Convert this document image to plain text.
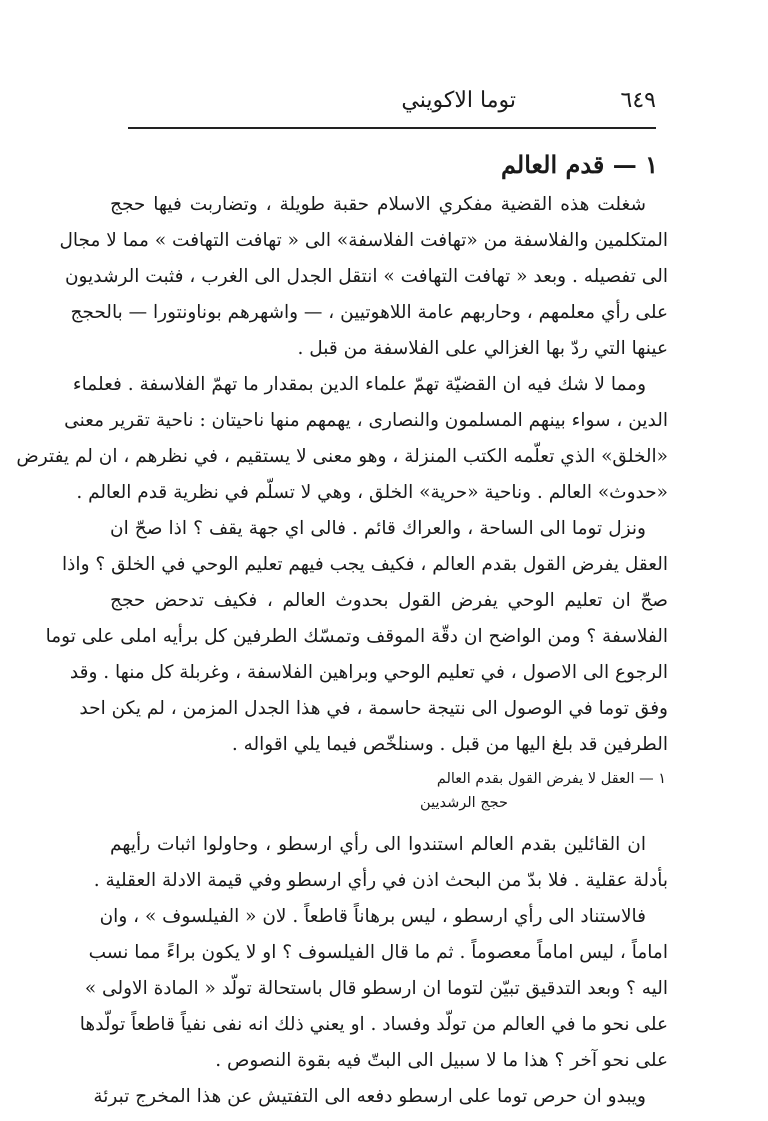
توما الاكويني	٦٤٩
١ — قدم العالم
شغلت هذه القضية مفكري الاسلام حقبة طويلة ، وتضاربت فيها حجج
المتكلمين والفلاسفة من «تهافت الفلاسفة» الى « تهافت التهافت » مما لا مجال
الى تفصيله . وبعد « تهافت التهافت » انتقل الجدل الى الغرب ، فثبت الرشديون
على رأي معلمهم ، وحاربهم عامة اللاهوتيين ، — واشهرهم بوناونتورا — بالحجج
عينها التي ردّ بها الغزالي على الفلاسفة من قبل .
ومما لا شك فيه ان القضيّة تهمّ علماء الدين بمقدار ما تهمّ الفلاسفة . فعلماء
الدين ، سواء بينهم المسلمون والنصارى ، يهمهم منها ناحيتان : ناحية تقرير معنى
«الخلق» الذي تعلّمه الكتب المنزلة ، وهو معنى لا يستقيم ، في نظرهم ، ان لم يفترض
«حدوث» العالم . وناحية «حرية» الخلق ، وهي لا تسلّم في نظرية قدم العالم .
ونزل توما الى الساحة ، والعراك قائم . فالى اي جهة يقف ؟ اذا صحّ ان
العقل يفرض القول بقدم العالم ، فكيف يجب فيهم تعليم الوحي في الخلق ؟ واذا
صحّ ان تعليم الوحي يفرض القول بحدوث العالم ، فكيف تدحض حجج
الفلاسفة ؟ ومن الواضح ان دقّة الموقف وتمسّك الطرفين كل برأيه املى على توما
الرجوع الى الاصول ، في تعليم الوحي وبراهين الفلاسفة ، وغربلة كل منها . وقد
وفق توما في الوصول الى نتيجة حاسمة ، في هذا الجدل المزمن ، لم يكن احد
الطرفين قد بلغ اليها من قبل . وسنلخّص فيما يلي اقواله .
١ — العقل لا يفرض القول بقدم العالم
حجج الرشديين
ان القائلين بقدم العالم استندوا الى رأي ارسطو ، وحاولوا اثبات رأيهم
بأدلة عقلية . فلا بدّ من البحث اذن في رأي ارسطو وفي قيمة الادلة العقلية .
فالاستناد الى رأي ارسطو ، ليس برهاناً قاطعاً . لان « الفيلسوف » ، وان
اماماً ، ليس اماماً معصوماً . ثم ما قال الفيلسوف ؟ او لا يكون براءً مما نسب
اليه ؟ وبعد التدقيق تبيّن لتوما ان ارسطو قال باستحالة تولّد « المادة الاولى »
على نحو ما في العالم من تولّد وفساد . او يعني ذلك انه نفى نفياً قاطعاً تولّدها
على نحو آخر ؟ هذا ما لا سبيل الى البتّ فيه بقوة النصوص .
ويبدو ان حرص توما على ارسطو دفعه الى التفتيش عن هذا المخرج تبرئة
